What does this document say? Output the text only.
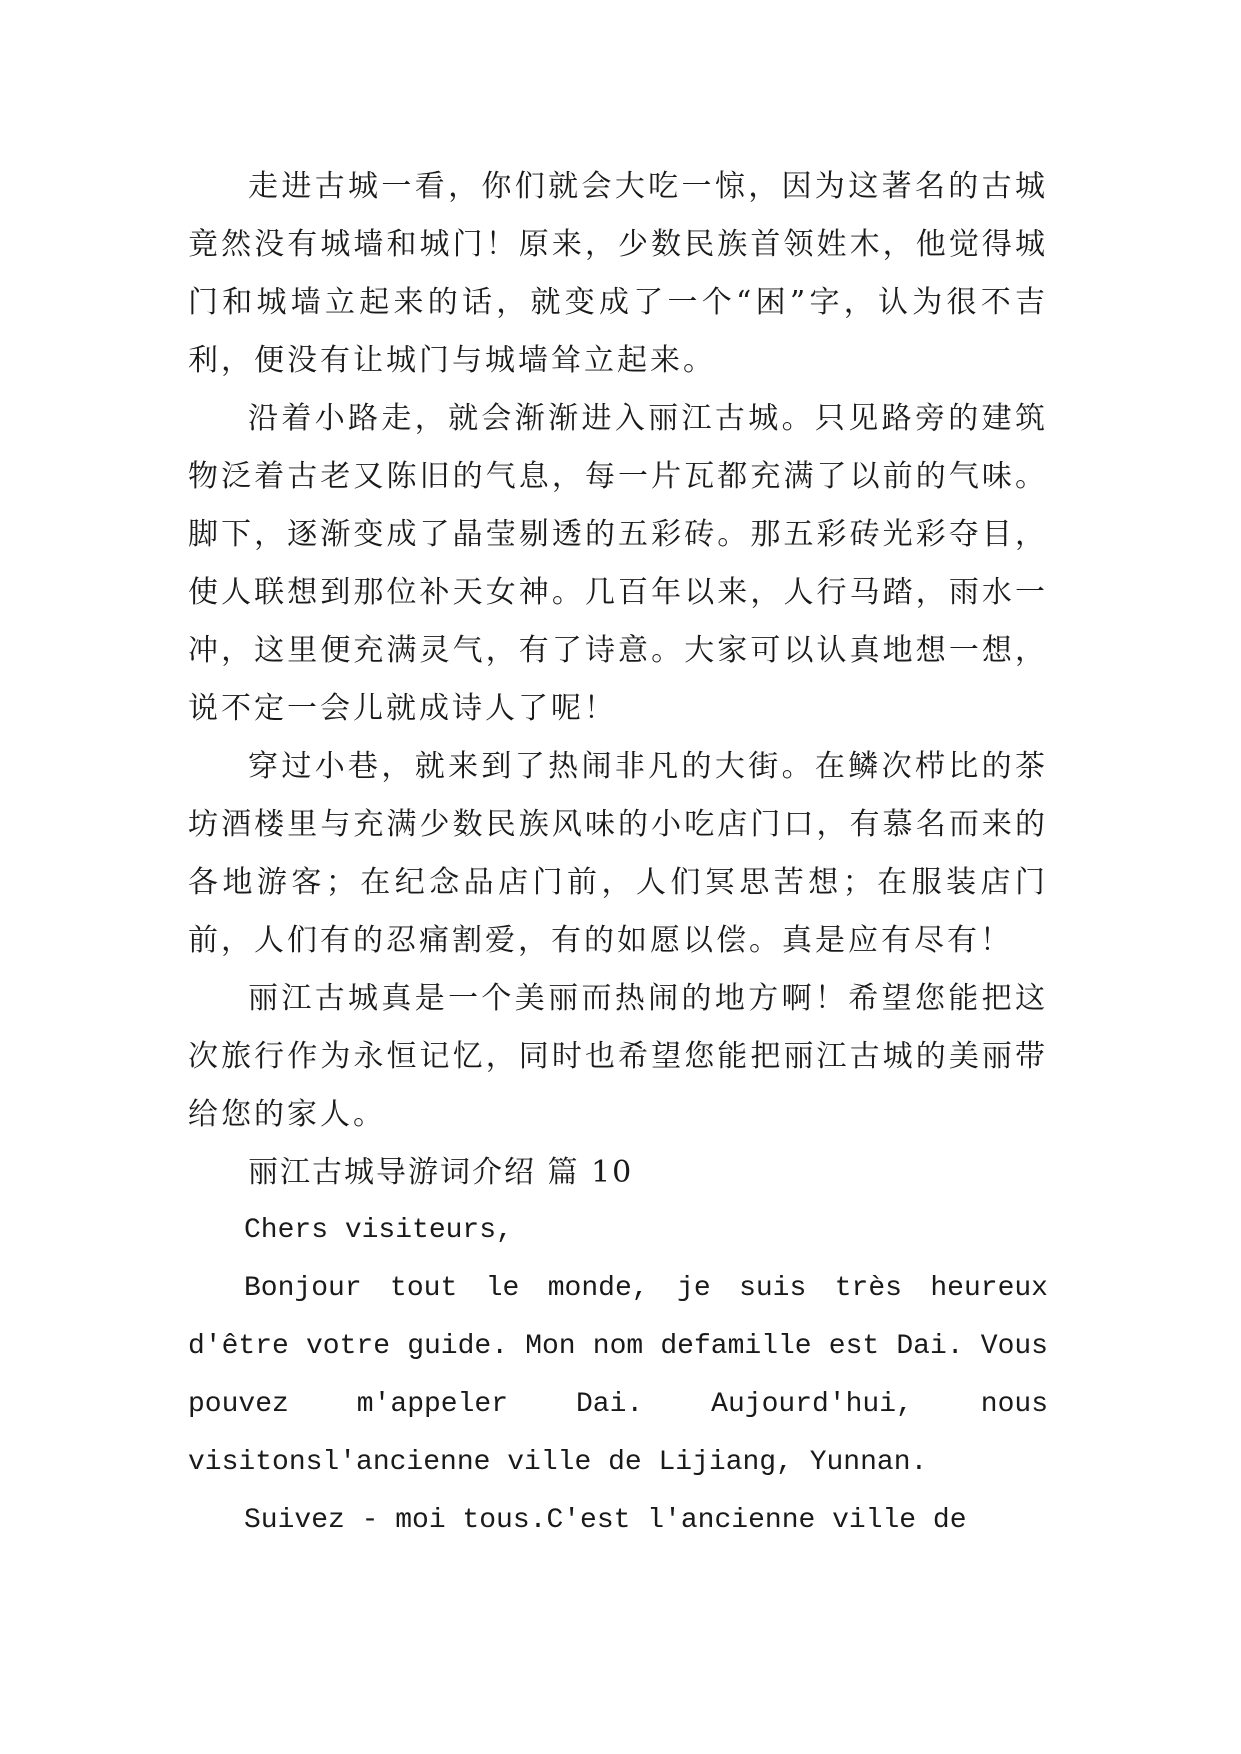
走进古城一看，你们就会大吃一惊，因为这著名的古城竟然没有城墙和城门！原来，少数民族首领姓木，他觉得城门和城墙立起来的话，就变成了一个“困”字，认为很不吉利，便没有让城门与城墙耸立起来。

沿着小路走，就会渐渐进入丽江古城。只见路旁的建筑物泛着古老又陈旧的气息，每一片瓦都充满了以前的气味。脚下，逐渐变成了晶莹剔透的五彩砖。那五彩砖光彩夺目，使人联想到那位补天女神。几百年以来，人行马踏，雨水一冲，这里便充满灵气，有了诗意。大家可以认真地想一想，说不定一会儿就成诗人了呢！

穿过小巷，就来到了热闹非凡的大街。在鳞次栉比的茶坊酒楼里与充满少数民族风味的小吃店门口，有慕名而来的各地游客；在纪念品店门前，人们冥思苦想；在服装店门前，人们有的忍痛割爱，有的如愿以偿。真是应有尽有！

丽江古城真是一个美丽而热闹的地方啊！希望您能把这次旅行作为永恒记忆，同时也希望您能把丽江古城的美丽带给您的家人。

丽江古城导游词介绍 篇 10

Chers visiteurs,

Bonjour tout le monde, je suis très heureux d'être votre guide. Mon nom defamille est Dai. Vous pouvez m'appeler Dai. Aujourd'hui, nous visitonsl'ancienne ville de Lijiang, Yunnan.

Suivez - moi tous.C'est l'ancienne ville de
